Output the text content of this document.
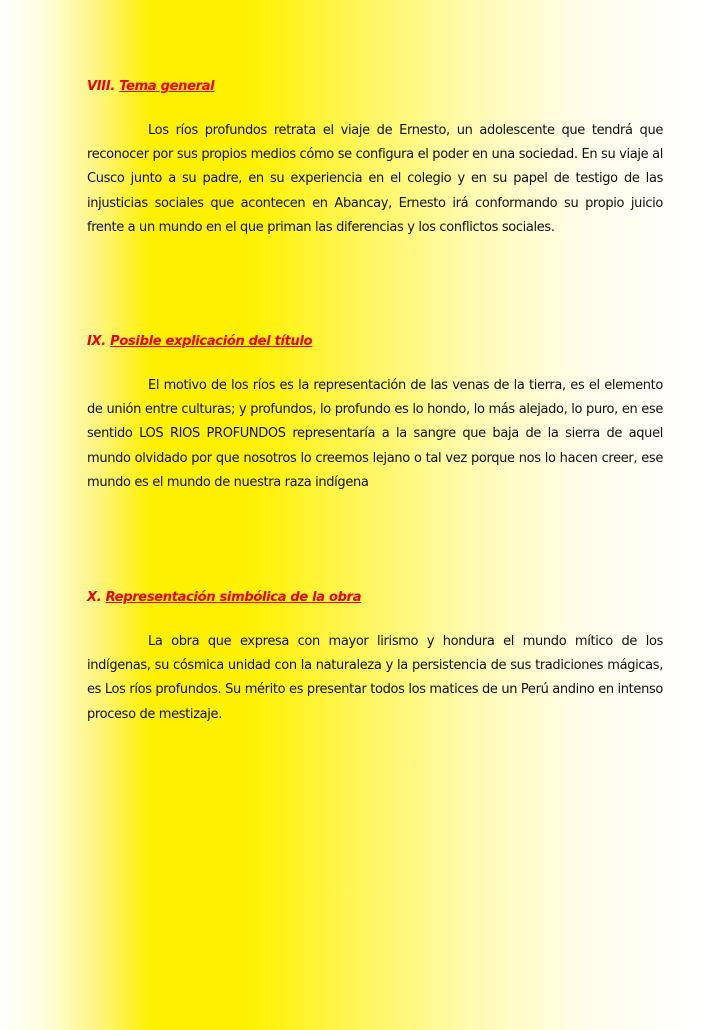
VIII. Tema general

Los ríos profundos retrata el viaje de Ernesto, un adolescente que tendrá que reconocer por sus propios medios cómo se configura el poder en una sociedad. En su viaje al Cusco junto a su padre, en su experiencia en el colegio y en su papel de testigo de las injusticias sociales que acontecen en Abancay, Ernesto irá conformando su propio juicio frente a un mundo en el que priman las diferencias y los conflictos sociales.

IX. Posible explicación del título

El motivo de los ríos es la representación de las venas de la tierra, es el elemento de unión entre culturas; y profundos, lo profundo es lo hondo, lo más alejado, lo puro, en ese sentido LOS RIOS PROFUNDOS representaría a la sangre que baja de la sierra de aquel mundo olvidado por que nosotros lo creemos lejano o tal vez porque nos lo hacen creer, ese mundo es el mundo de nuestra raza indígena

X. Representación simbólica de la obra

La obra que expresa con mayor lirismo y hondura el mundo mítico de los indígenas, su cósmica unidad con la naturaleza y la persistencia de sus tradiciones mágicas, es Los ríos profundos. Su mérito es presentar todos los matices de un Perú andino en intenso proceso de mestizaje.
